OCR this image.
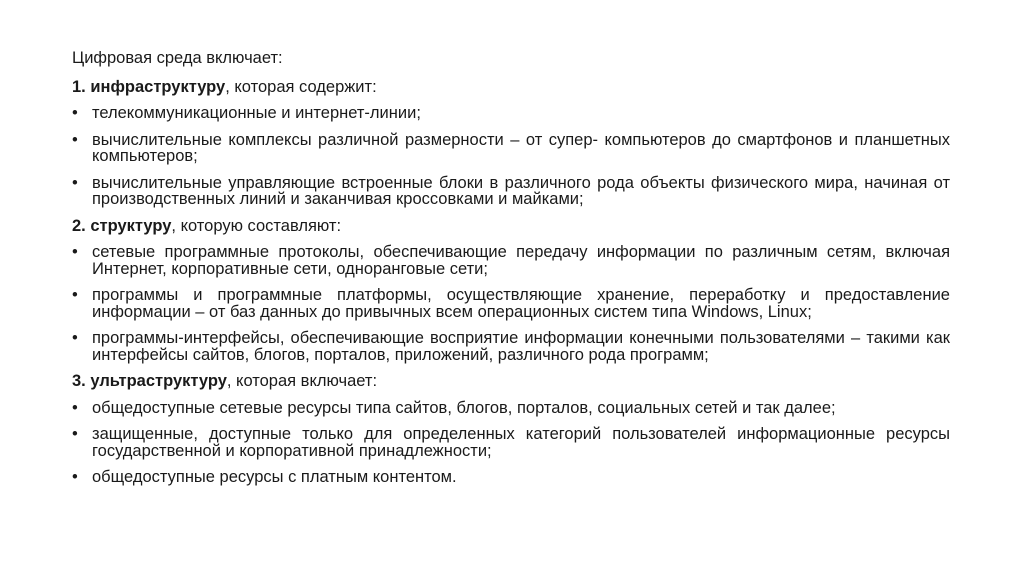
Цифровая среда включает:

1. инфраструктуру, которая содержит:

• телекоммуникационные и интернет-линии;

• вычислительные комплексы различной размерности – от супер- компьютеров до смартфонов и планшетных компьютеров;

• вычислительные управляющие встроенные блоки в различного рода объекты физического мира, начиная от производственных линий и заканчивая кроссовками и майками;

2. структуру, которую составляют:

• сетевые программные протоколы, обеспечивающие передачу информации по различным сетям, включая Интернет, корпоративные сети, одноранговые сети;

• программы и программные платформы, осуществляющие хранение, переработку и предоставление информации – от баз данных до привычных всем операционных систем типа Windows, Linux;

• программы-интерфейсы, обеспечивающие восприятие информации конечными пользователями – такими как интерфейсы сайтов, блогов, порталов, приложений, различного рода программ;

3. ультраструктуру, которая включает:

• общедоступные сетевые ресурсы типа сайтов, блогов, порталов, социальных сетей и так далее;

• защищенные, доступные только для определенных категорий пользователей информационные ресурсы государственной и корпоративной принадлежности;

• общедоступные ресурсы с платным контентом.
